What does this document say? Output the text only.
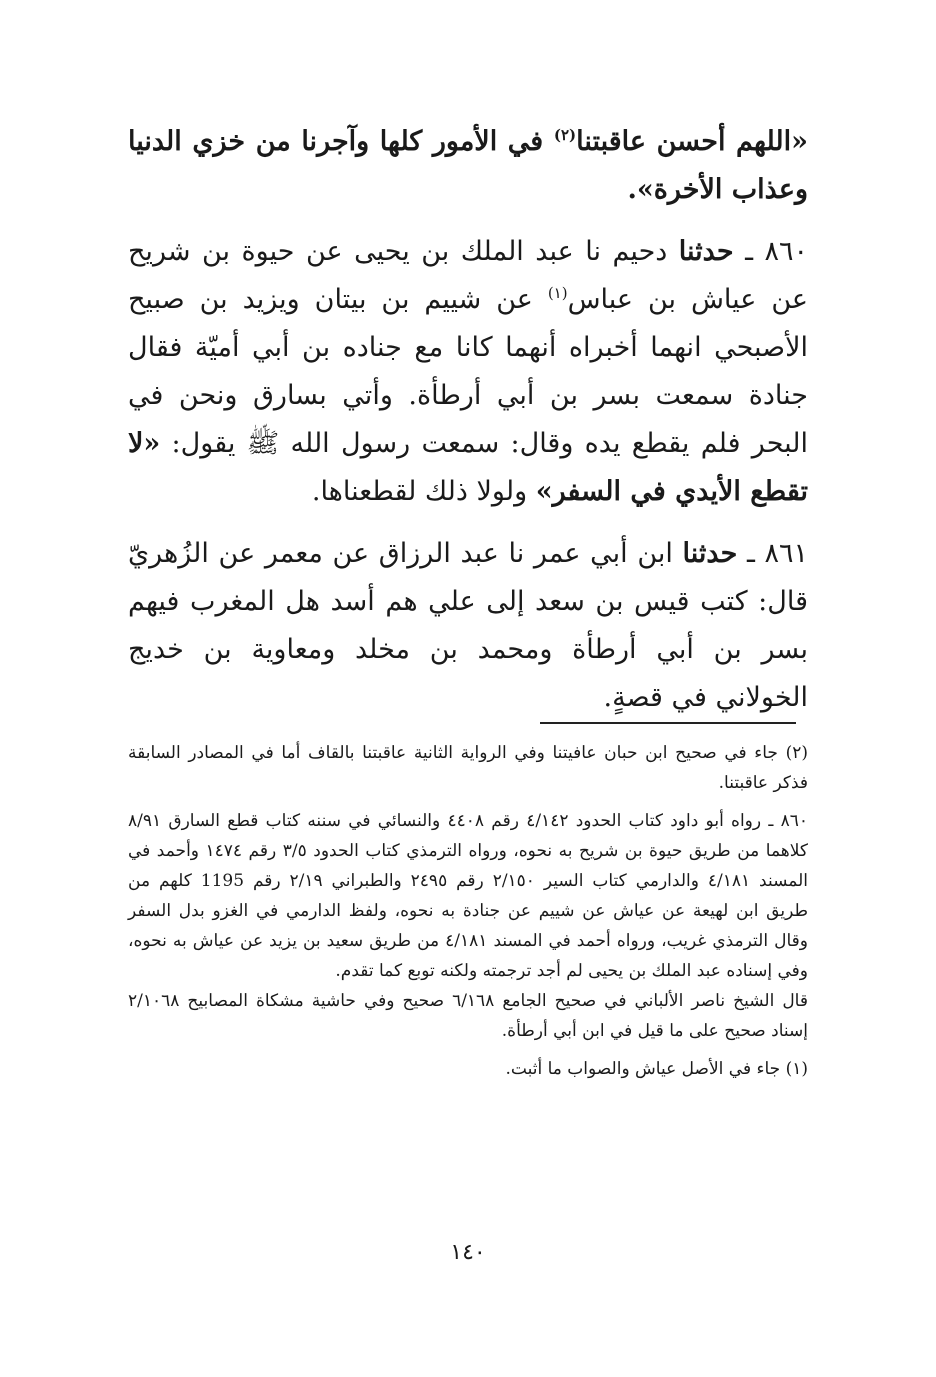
«اللهم أحسن عاقبتنا$^{(٢)}$ في الأمور كلها وآجرنا من خزي الدنيا وعذاب الأخرة».

٨٦٠ ـ حدثنا دحيم نا عبد الملك بن يحيى عن حيوة بن شريح عن عياش بن عباس$^{(١)}$ عن شييم بن بيتان ويزيد بن صبيح الأصبحي انهما أخبراه أنهما كانا مع جناده بن أبي أميّة فقال جنادة سمعت بسر بن أبي أرطأة. وأتي بسارق ونحن في البحر فلم يقطع يده وقال: سمعت رسول الله ﷺ يقول: «لا تقطع الأيدي في السفر» ولولا ذلك لقطعناها.

٨٦١ ـ حدثنا ابن أبي عمر نا عبد الرزاق عن معمر عن الزُهريّ قال: كتب قيس بن سعد إلى علي هم أسد هل المغرب فيهم بسر بن أبي أرطأة ومحمد بن مخلد ومعاوية بن خديج الخولاني في قصةٍ.

(٢) جاء في صحيح ابن حبان عافيتنا وفي الرواية الثانية عاقبتنا بالقاف أما في المصادر السابقة فذكر عاقبتنا.

٨٦٠ ـ رواه أبو داود كتاب الحدود ٤/١٤٢ رقم ٤٤٠٨ والنسائي في سننه كتاب قطع السارق ٨/٩١ كلاهما من طريق حيوة بن شريح به نحوه، ورواه الترمذي كتاب الحدود ٣/٥ رقم ١٤٧٤ وأحمد في المسند ٤/١٨١ والدارمي كتاب السير ٢/١٥٠ رقم ٢٤٩٥ والطبراني ٢/١٩ رقم 1195 كلهم من طريق ابن لهيعة عن عياش عن شييم عن جنادة به نحوه، ولفظ الدارمي في الغزو بدل السفر وقال الترمذي غريب، ورواه أحمد في المسند ٤/١٨١ من طريق سعيد بن يزيد عن عياش به نحوه، وفي إسناده عبد الملك بن يحيى لم أجد ترجمته ولكنه توبع كما تقدم.

قال الشيخ ناصر الألباني في صحيح الجامع ٦/١٦٨ صحيح وفي حاشية مشكاة المصابيح ٢/١٠٦٨ إسناد صحيح على ما قيل في ابن أبي أرطأة.

(١) جاء في الأصل عياش والصواب ما أثبت.

١٤٠
